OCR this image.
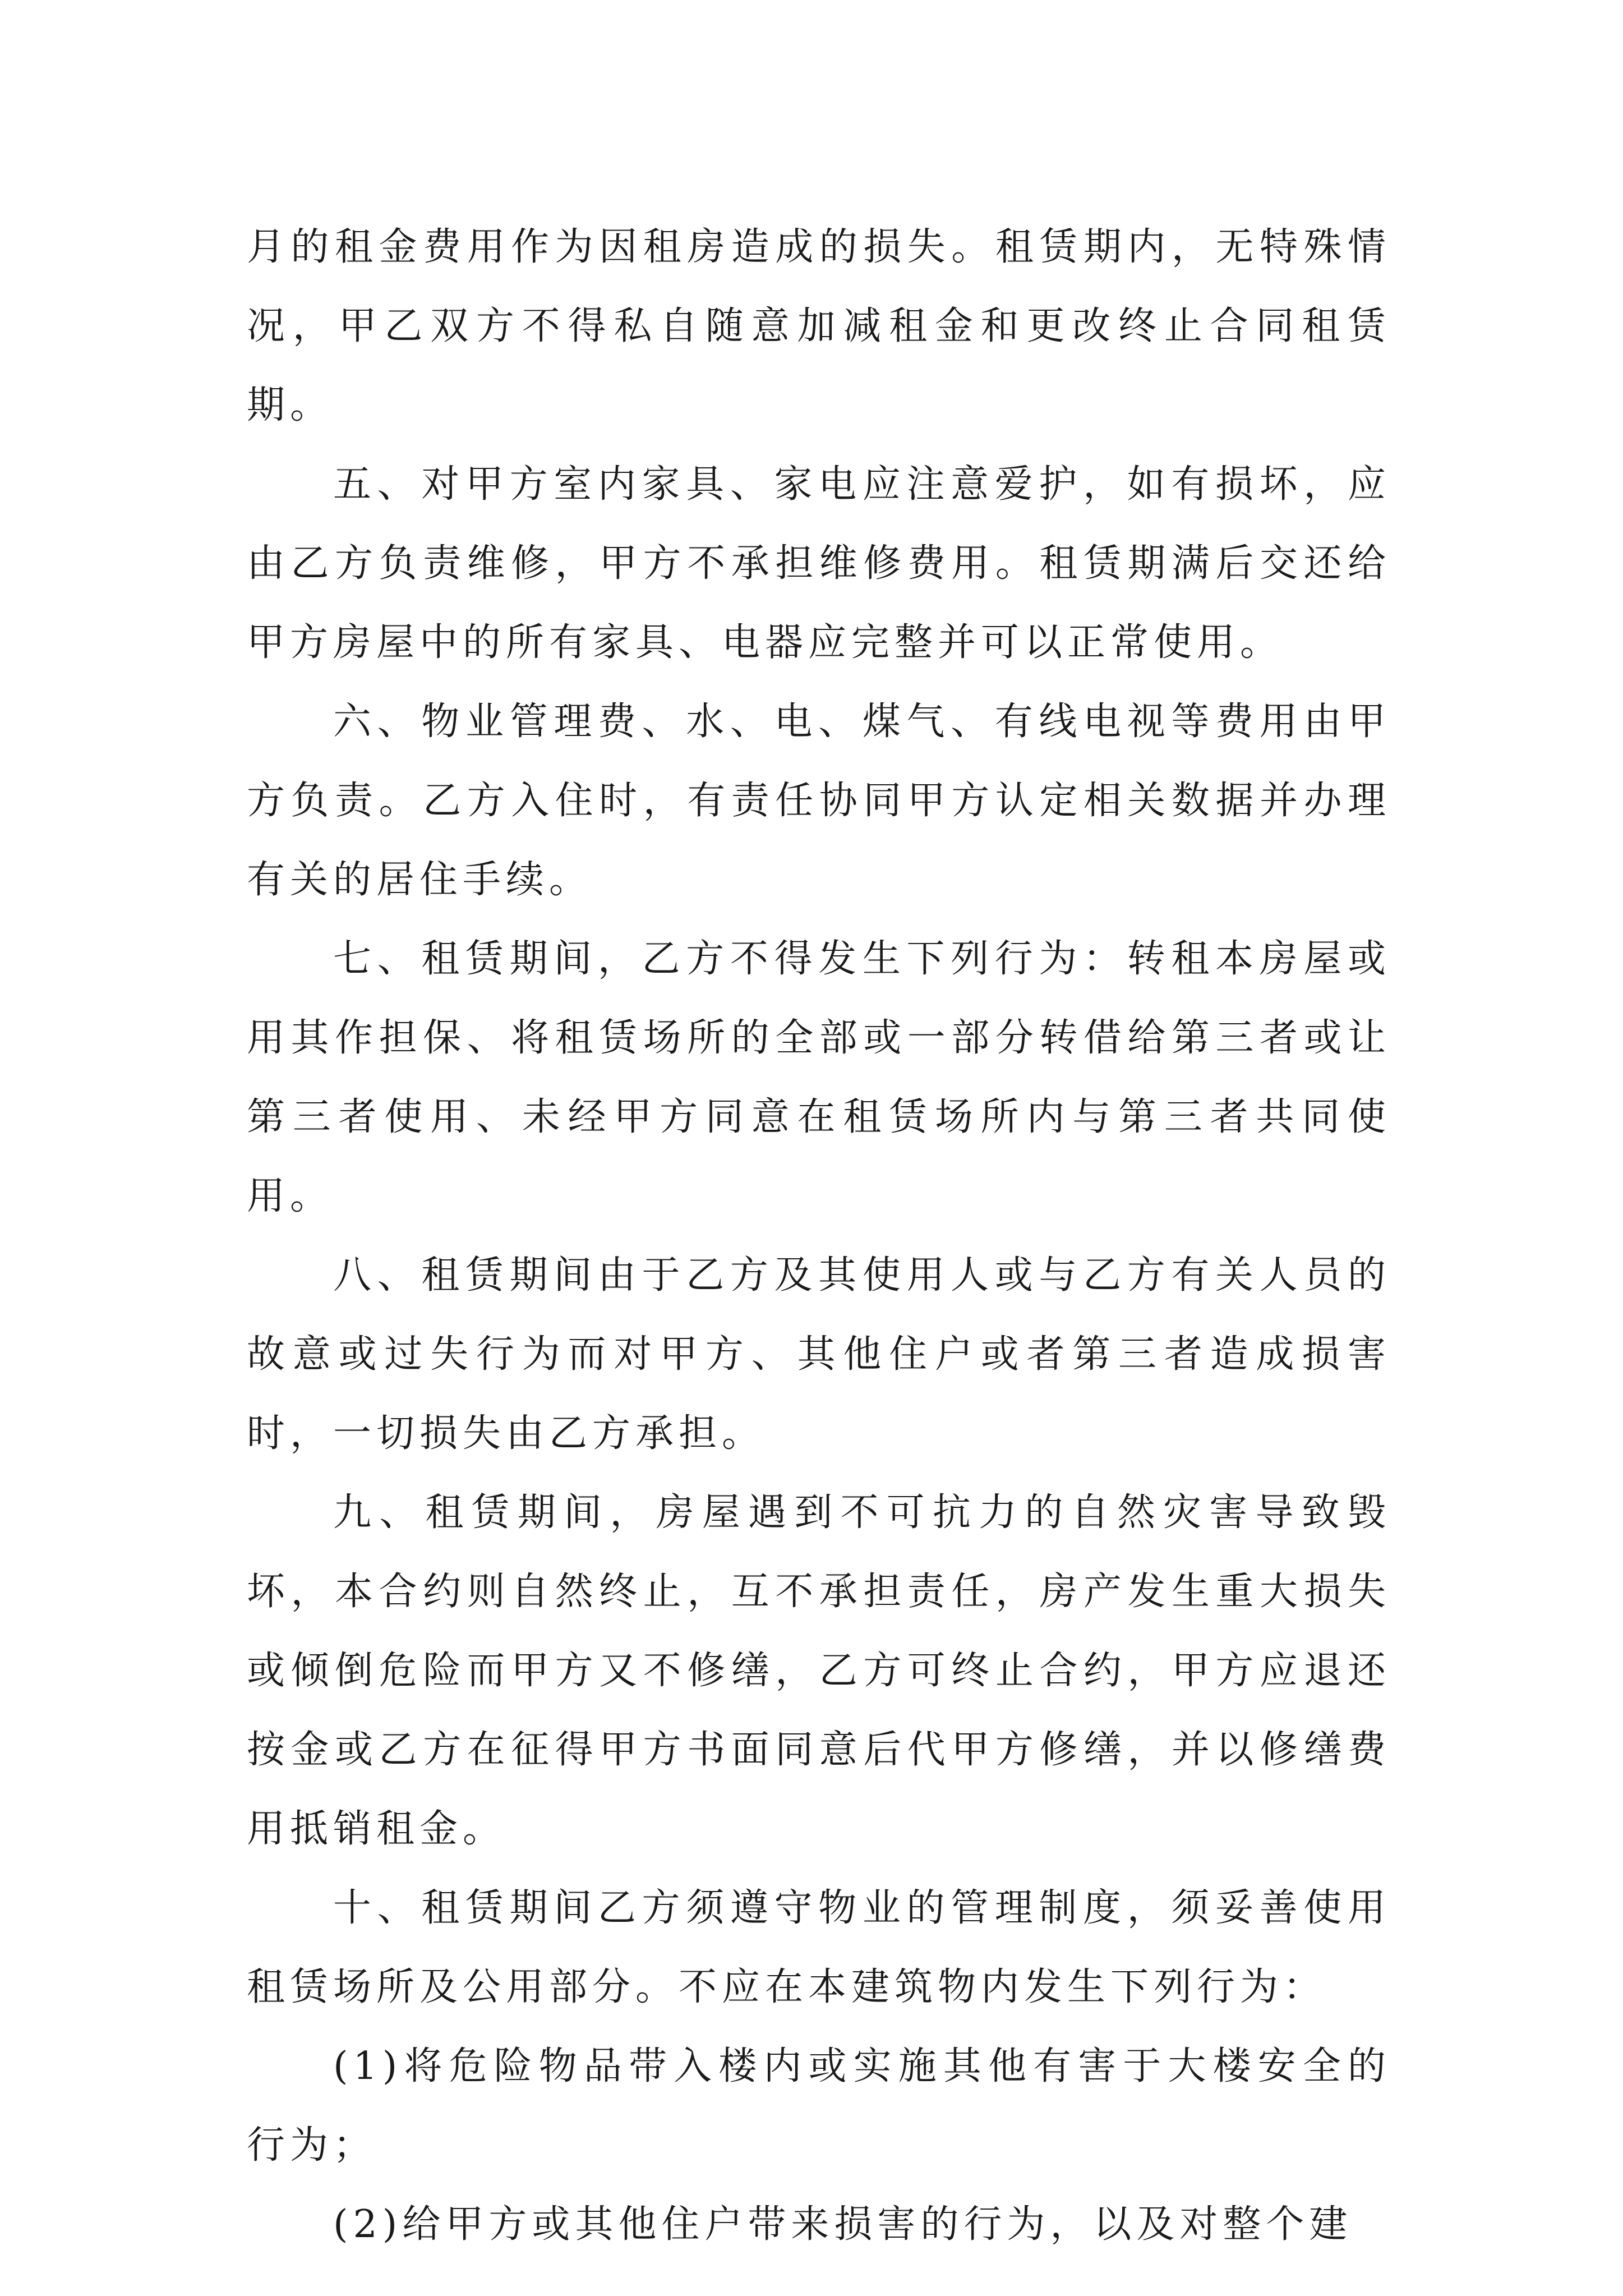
月的租金费用作为因租房造成的损失。租赁期内，无特殊情况，甲乙双方不得私自随意加减租金和更改终止合同租赁期。

五、对甲方室内家具、家电应注意爱护，如有损坏，应由乙方负责维修，甲方不承担维修费用。租赁期满后交还给甲方房屋中的所有家具、电器应完整并可以正常使用。

六、物业管理费、水、电、煤气、有线电视等费用由甲方负责。乙方入住时，有责任协同甲方认定相关数据并办理有关的居住手续。

七、租赁期间，乙方不得发生下列行为：转租本房屋或用其作担保、将租赁场所的全部或一部分转借给第三者或让第三者使用、未经甲方同意在租赁场所内与第三者共同使用。

八、租赁期间由于乙方及其使用人或与乙方有关人员的故意或过失行为而对甲方、其他住户或者第三者造成损害时，一切损失由乙方承担。

九、租赁期间，房屋遇到不可抗力的自然灾害导致毁坏，本合约则自然终止，互不承担责任，房产发生重大损失或倾倒危险而甲方又不修缮，乙方可终止合约，甲方应退还按金或乙方在征得甲方书面同意后代甲方修缮，并以修缮费用抵销租金。

十、租赁期间乙方须遵守物业的管理制度，须妥善使用租赁场所及公用部分。不应在本建筑物内发生下列行为：

(1)将危险物品带入楼内或实施其他有害于大楼安全的行为；

(2)给甲方或其他住户带来损害的行为，以及对整个建
